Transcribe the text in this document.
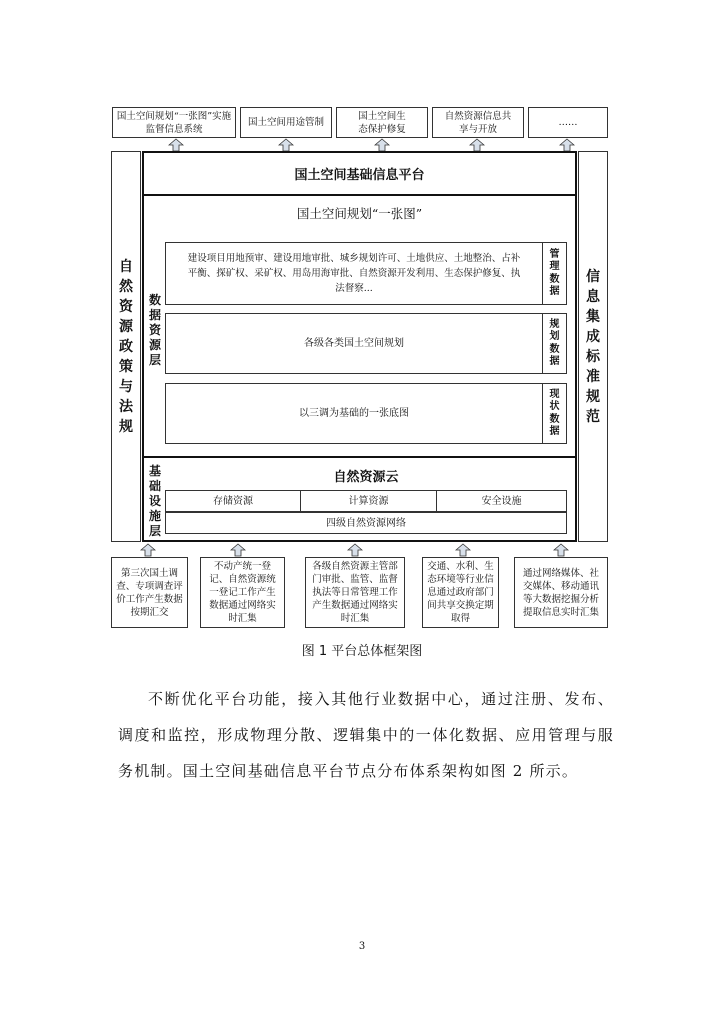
国土空间规划“一张图”实施监督信息系统
国土空间用途管制
国土空间生态保护修复
自然资源信息共享与开放
……
自
然
资
源
政
策
与
法
规
信
息
集
成
标
准
规
范
国土空间基础信息平台
国土空间规划“一张图”
数
据
资
源
层
建设项目用地预审、建设用地审批、城乡规划许可、土地供应、土地整治、占补平衡、探矿权、采矿权、用岛用海审批、自然资源开发利用、生态保护修复、执法督察...
管
理
数
据
各级各类国土空间规划
规
划
数
据
以三调为基础的一张底图
现
状
数
据
基
础
设
施
层
自然资源云
存储资源	计算资源	安全设施
四级自然资源网络
第三次国土调查、专项调查评价工作产生数据按期汇交
不动产统一登记、自然资源统一登记工作产生数据通过网络实时汇集
各级自然资源主管部门审批、监管、监督执法等日常管理工作产生数据通过网络实时汇集
交通、水利、生态环境等行业信息通过政府部门间共享交换定期取得
通过网络媒体、社交媒体、移动通讯等大数据挖掘分析提取信息实时汇集
图 1 平台总体框架图

不断优化平台功能，接入其他行业数据中心，通过注册、发布、调度和监控，形成物理分散、逻辑集中的一体化数据、应用管理与服务机制。国土空间基础信息平台节点分布体系架构如图 2 所示。

3
